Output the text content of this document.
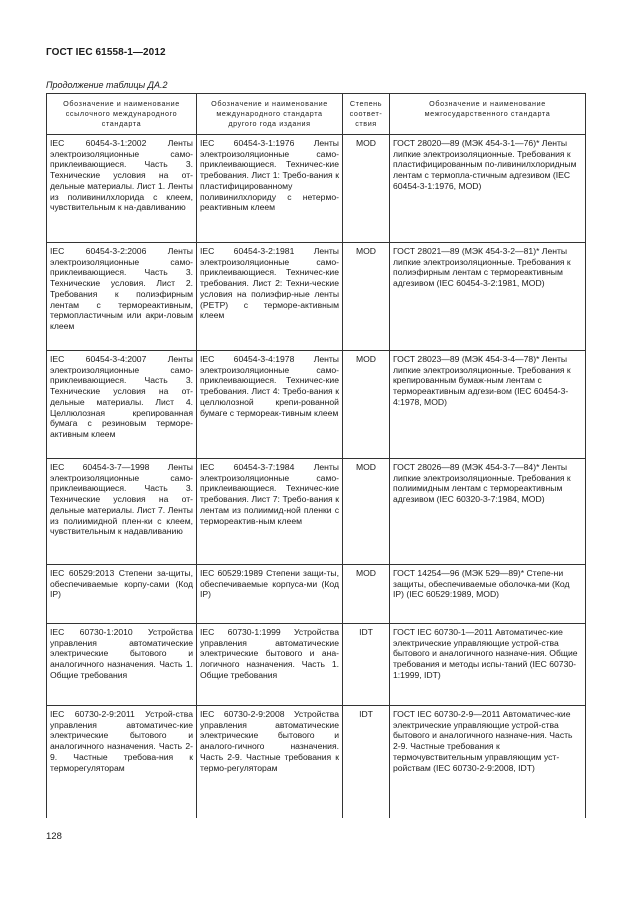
ГОСТ IEC 61558-1—2012
Продолжение таблицы ДА.2
Обозначение и наименование ссылочного международного стандарта	Обозначение и наименование международного стандарта другого года издания	Степень соответ-ствия	Обозначение и наименование межгосударственного стандарта
IEC 60454-3-1:2002 Ленты электроизоляционные само-приклеивающиеся. Часть 3. Технические условия на от-дельные материалы. Лист 1. Ленты из поливинилхлорида с клеем, чувствительным к на-давливанию	IEC 60454-3-1:1976 Ленты электроизоляционные само-приклеивающиеся. Техничес-кие требования. Лист 1: Требо-вания к пластифицированному поливинилхлориду с нетермо-реактивным клеем	MOD	ГОСТ 28020—89 (МЭК 454-3-1—76)* Ленты липкие электроизоляционные. Требования к пластифицированным по-ливинилхлоридным лентам с термопла-стичным адгезивом (IEC 60454-3-1:1976, MOD)
IEC 60454-3-2:2006 Ленты электроизоляционные само-приклеивающиеся. Часть 3. Технические условия. Лист 2. Требования к полиэфирным лентам с термореактивным, термопластичным или акри-ловым клеем	IEC 60454-3-2:1981 Ленты электроизоляционные само-приклеивающиеся. Техничес-кие требования. Лист 2: Техни-ческие условия на полиэфир-ные ленты (PETP) с терморе-активным клеем	MOD	ГОСТ 28021—89 (МЭК 454-3-2—81)* Ленты липкие электроизоляционные. Требования к полиэфирным лентам с термореактивным адгезивом (IEC 60454-3-2:1981, MOD)
IEC 60454-3-4:2007 Ленты электроизоляционные само-приклеивающиеся. Часть 3. Технические условия на от-дельные материалы. Лист 4. Целлюлозная крепированная бумага с резиновым терморе-активным клеем	IEC 60454-3-4:1978 Ленты электроизоляционные само-приклеивающиеся. Техничес-кие требования. Лист 4: Требо-вания к целлюлозной крепи-рованной бумаге с термореак-тивным клеем	MOD	ГОСТ 28023—89 (МЭК 454-3-4—78)* Ленты липкие электроизоляционные. Требования к крепированным бумаж-ным лентам с термореактивным адгези-вом (IEC 60454-3-4:1978, MOD)
IEC 60454-3-7—1998 Ленты электроизоляционные само-приклеивающиеся. Часть 3. Технические условия на от-дельные материалы. Лист 7. Ленты из полиимидной плен-ки с клеем, чувствительным к надавливанию	IEC 60454-3-7:1984 Ленты электроизоляционные само-приклеивающиеся. Техничес-кие требования. Лист 7: Требо-вания к лентам из полиимид-ной пленки с термореактив-ным клеем	MOD	ГОСТ 28026—89 (МЭК 454-3-7—84)* Ленты липкие электроизоляционные. Требования к полиимидным лентам с термореактивным адгезивом (IEC 60320-3-7:1984, MOD)
IEC 60529:2013 Степени за-щиты, обеспечиваемые корпу-сами (Код IP)	IEC 60529:1989 Степени защи-ты, обеспечиваемые корпуса-ми (Код IP)	MOD	ГОСТ 14254—96 (МЭК 529—89)* Степе-ни защиты, обеспечиваемые оболочка-ми (Код IP) (IEC 60529:1989, MOD)
IEC 60730-1:2010 Устройства управления автоматические электрические бытового и аналогичного назначения. Часть 1. Общие требования	IEC 60730-1:1999 Устройства управления автоматические электрические бытового и ана-логичного назначения. Часть 1. Общие требования	IDT	ГОСТ IEC 60730-1—2011 Автоматичес-кие электрические управляющие устрой-ства бытового и аналогичного назначе-ния. Общие требования и методы испы-таний (IEC 60730-1:1999, IDT)
IEC 60730-2-9:2011 Устрой-ства управления автоматичес-кие электрические бытового и аналогичного назначения. Часть 2-9. Частные требова-ния к терморегуляторам	IEC 60730-2-9:2008 Устройства управления автоматические электрические бытового и аналого-гичного назначения. Часть 2-9. Частные требования к термо-регуляторам	IDT	ГОСТ IEC 60730-2-9—2011 Автоматичес-кие электрические управляющие устрой-ства бытового и аналогичного назначе-ния. Часть 2-9. Частные требования к термочувствительным управляющим уст-ройствам (IEC 60730-2-9:2008, IDT)
128
